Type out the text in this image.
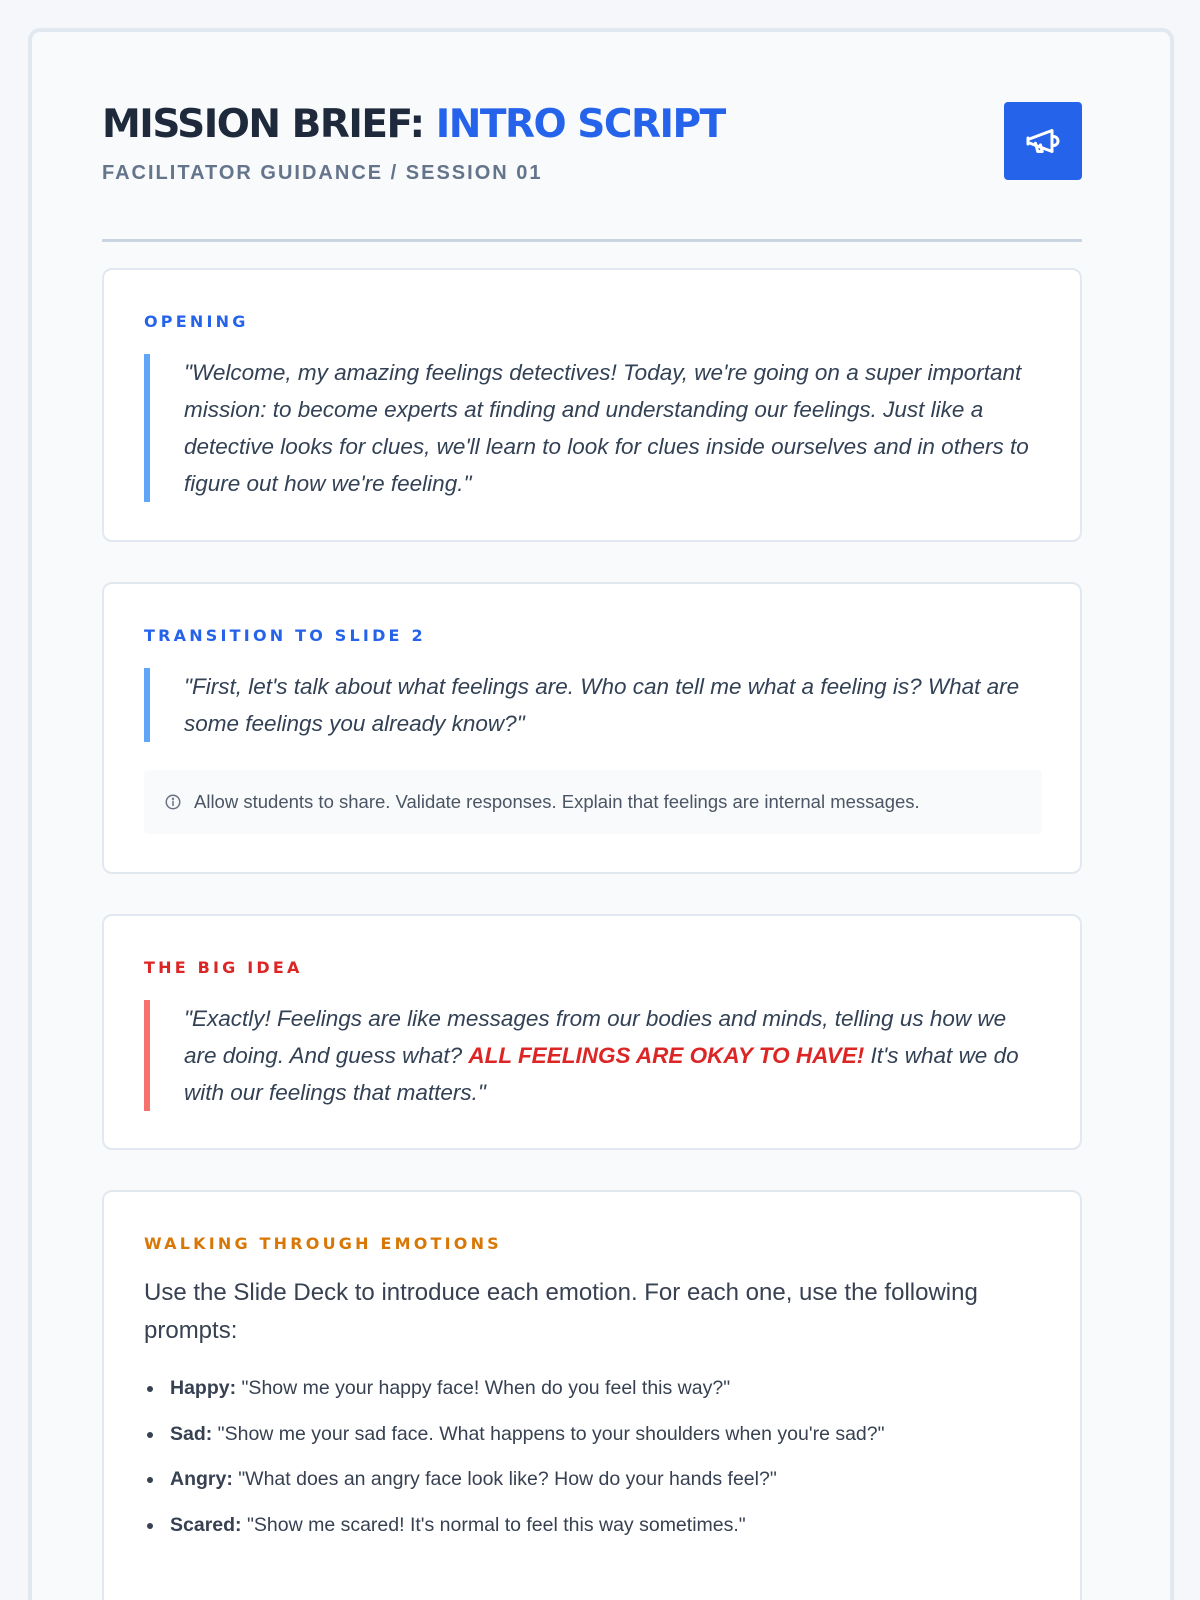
MISSION BRIEF: INTRO SCRIPT
FACILITATOR GUIDANCE / SESSION 01
OPENING
"Welcome, my amazing feelings detectives! Today, we're going on a super important mission: to become experts at finding and understanding our feelings. Just like a detective looks for clues, we'll learn to look for clues inside ourselves and in others to figure out how we're feeling."
TRANSITION TO SLIDE 2
"First, let's talk about what feelings are. Who can tell me what a feeling is? What are some feelings you already know?"
Allow students to share. Validate responses. Explain that feelings are internal messages.
THE BIG IDEA
"Exactly! Feelings are like messages from our bodies and minds, telling us how we are doing. And guess what? ALL FEELINGS ARE OKAY TO HAVE! It's what we do with our feelings that matters."
WALKING THROUGH EMOTIONS
Use the Slide Deck to introduce each emotion. For each one, use the following prompts:
Happy: "Show me your happy face! When do you feel this way?"
Sad: "Show me your sad face. What happens to your shoulders when you're sad?"
Angry: "What does an angry face look like? How do your hands feel?"
Scared: "Show me scared! It's normal to feel this way sometimes."
